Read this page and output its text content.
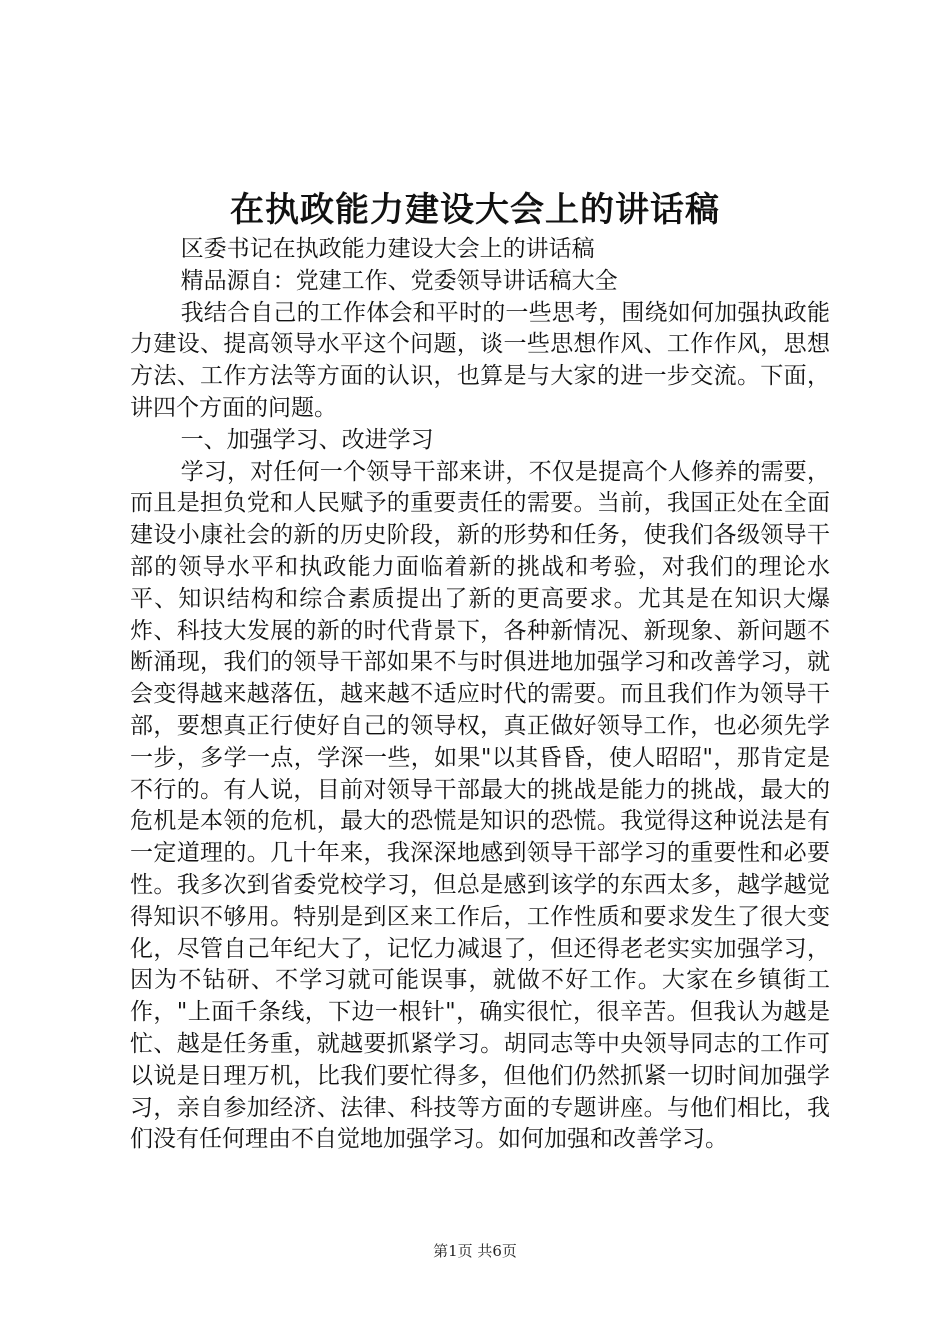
在执政能力建设大会上的讲话稿

区委书记在执政能力建设大会上的讲话稿

精品源自：党建工作、党委领导讲话稿大全

我结合自己的工作体会和平时的一些思考，围绕如何加强执政能力建设、提高领导水平这个问题，谈一些思想作风、工作作风，思想方法、工作方法等方面的认识，也算是与大家的进一步交流。下面，讲四个方面的问题。

一、加强学习、改进学习

学习，对任何一个领导干部来讲，不仅是提高个人修养的需要，而且是担负党和人民赋予的重要责任的需要。当前，我国正处在全面建设小康社会的新的历史阶段，新的形势和任务，使我们各级领导干部的领导水平和执政能力面临着新的挑战和考验，对我们的理论水平、知识结构和综合素质提出了新的更高要求。尤其是在知识大爆炸、科技大发展的新的时代背景下，各种新情况、新现象、新问题不断涌现，我们的领导干部如果不与时俱进地加强学习和改善学习，就会变得越来越落伍，越来越不适应时代的需要。而且我们作为领导干部，要想真正行使好自己的领导权，真正做好领导工作，也必须先学一步，多学一点，学深一些，如果"以其昏昏，使人昭昭"，那肯定是不行的。有人说，目前对领导干部最大的挑战是能力的挑战，最大的危机是本领的危机，最大的恐慌是知识的恐慌。我觉得这种说法是有一定道理的。几十年来，我深深地感到领导干部学习的重要性和必要性。我多次到省委党校学习，但总是感到该学的东西太多，越学越觉得知识不够用。特别是到区来工作后，工作性质和要求发生了很大变化，尽管自己年纪大了，记忆力减退了，但还得老老实实加强学习，因为不钻研、不学习就可能误事，就做不好工作。大家在乡镇街工作，"上面千条线，下边一根针"，确实很忙，很辛苦。但我认为越是忙、越是任务重，就越要抓紧学习。胡同志等中央领导同志的工作可以说是日理万机，比我们要忙得多，但他们仍然抓紧一切时间加强学习，亲自参加经济、法律、科技等方面的专题讲座。与他们相比，我们没有任何理由不自觉地加强学习。如何加强和改善学习。

第1页 共6页
